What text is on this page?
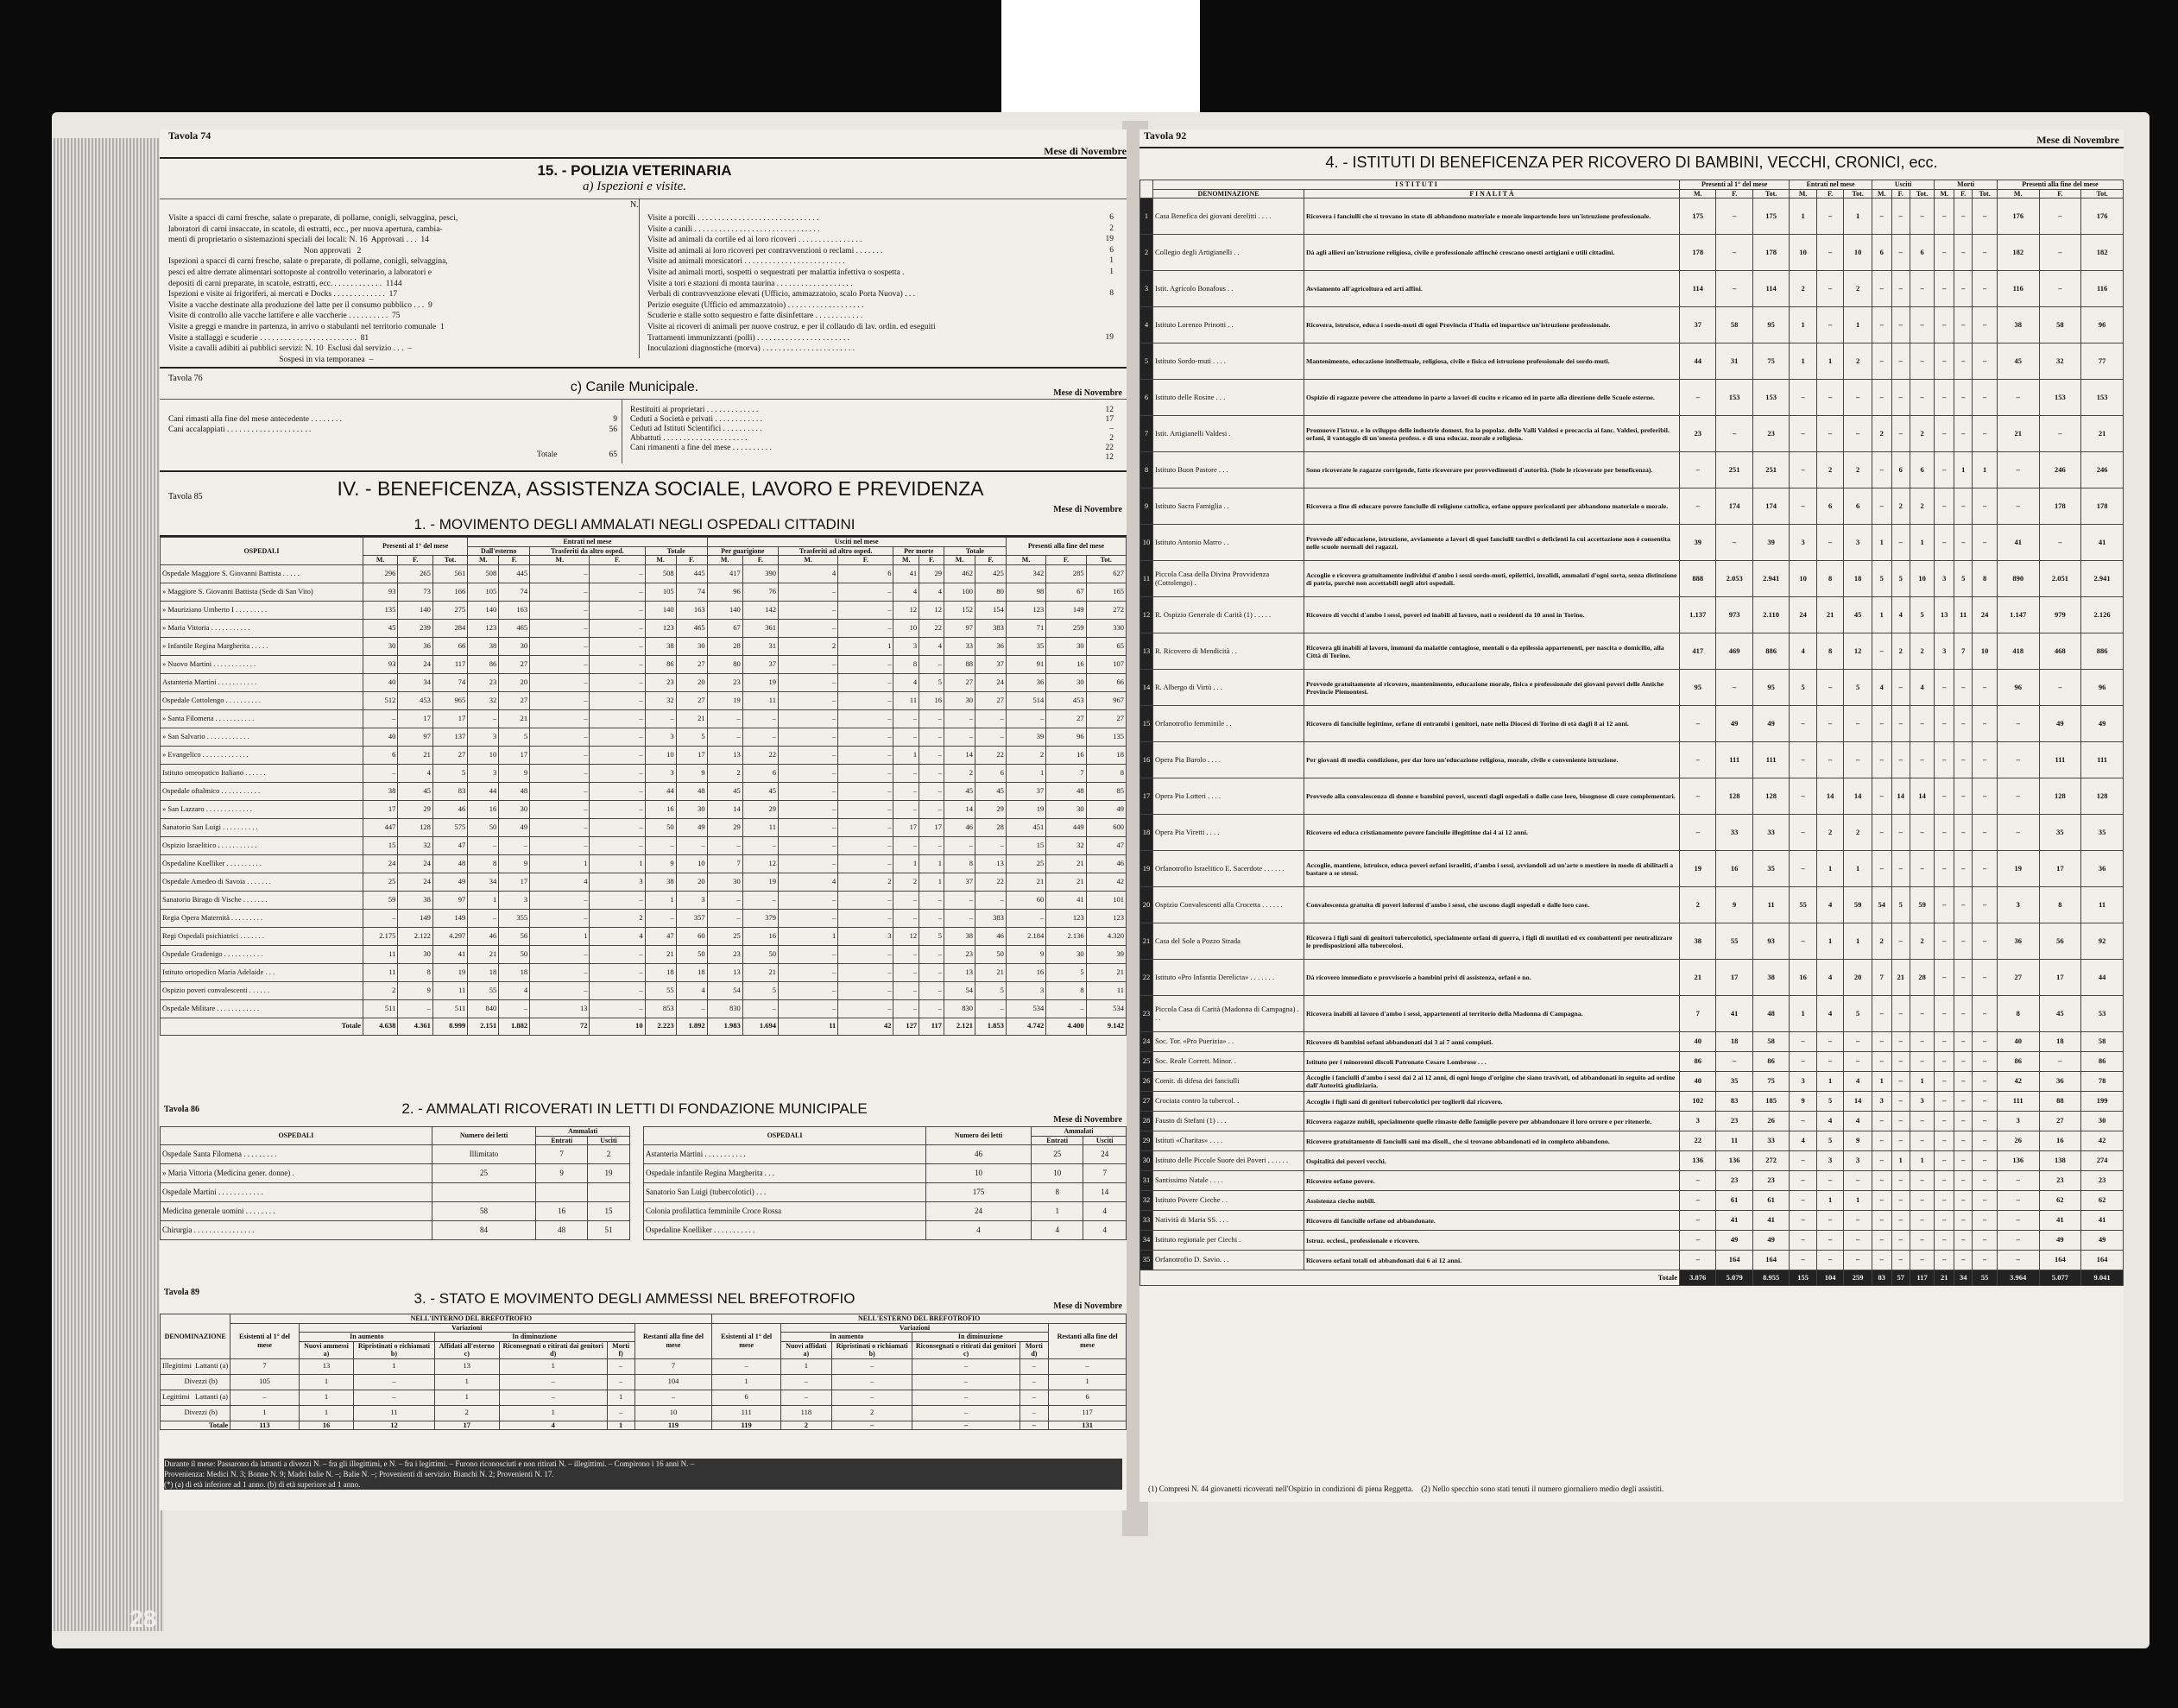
Tavola 74
Mese di Novembre
15. - POLIZIA VETERINARIA
a) Ispezioni e visite.
N.
Visite a spacci di carni fresche, salate o preparate, di pollame, conigli, selvaggina, pesci,
laboratori di carni insaccate, in scatole, di estratti, ecc., per nuova apertura, cambia-
menti di proprietario o sistemazioni speciali dei locali: N. 16  Approvati . . .  14
Non approvati   2
Ispezioni a spacci di carni fresche, salate o preparate, di pollame, conigli, selvaggina,
pesci ed altre derrate alimentari sottoposte al controllo veterinario, a laboratori e
depositi di carni preparate, in scatole, estratti, ecc. . . . . . . . . . . . .  1144
Ispezioni e visite ai frigoriferi, ai mercati e Docks . . . . . . . . . . . . .  17
Visite a vacche destinate alla produzione del latte per il consumo pubblico . . .  9
Visite di controllo alle vacche lattifere e alle vaccherie . . . . . . . . . .  75
Visite a greggi e mandre in partenza, in arrivo o stabulanti nel territorio comunale  1
Visite a stallaggi e scuderie . . . . . . . . . . . . . . . . . . . . . . . .  81
Visite a cavalli adibiti ai pubblici servizi: N. 10  Esclusi dal servizio . . .  –
Sospesi in via temporanea  –
Visite a porcili . . . . . . . . . . . . . . . . . . . . . . . . . . . . . .	6
Visite a canili . . . . . . . . . . . . . . . . . . . . . . . . . . . . . . .	2
Visite ad animali da cortile ed ai loro ricoveri . . . . . . . . . . . . . . . .	19
Visite ad animali ai loro ricoveri per contravvenzioni o reclami . . . . . . .	6
Visite ad animali morsicatori . . . . . . . . . . . . . . . . . . . . . . . . .	1
Visite ad animali morti, sospetti o sequestrati per malattia infettiva o sospetta .	1
Visite a tori e stazioni di monta taurina . . . . . . . . . . . . . . . . . . .
Verbali di contravvenzione elevati (Ufficio, ammazzatoio, scalo Porta Nuova) . . .	8
Perizie eseguite (Ufficio ed ammazzatoio) . . . . . . . . . . . . . . . . . . .
Scuderie e stalle sotto sequestro e fatte disinfettare . . . . . . . . . . . .
Visite ai ricoveri di animali per nuove costruz. e per il collaudo di lav. ordin. ed eseguiti
Trattamenti immunizzanti (polli) . . . . . . . . . . . . . . . . . . . . . . .	19
Inoculazioni diagnostiche (morva) . . . . . . . . . . . . . . . . . . . . . . .
Tavola 76
c) Canile Municipale.	Mese di Novembre
Cani rimasti alla fine del mese antecedente . . . . . . . .	9
Cani accalappiati . . . . . . . . . . . . . . . . . . . . .	56
Totale	65
Restituiti ai proprietari . . . . . . . . . . . . .	12
Ceduti a Società e privati . . . . . . . . . . . .	17
Ceduti ad Istituti Scientifici . . . . . . . . . .	–
Abbattuti . . . . . . . . . . . . . . . . . . . . .	2
Cani rimanenti a fine del mese . . . . . . . . . .	22
12
Tavola 85	IV. - BENEFICENZA, ASSISTENZA SOCIALE, LAVORO E PREVIDENZA
Mese di Novembre
1. - MOVIMENTO DEGLI AMMALATI NEGLI OSPEDALI CITTADINI
OSPEDALI	Presenti al 1° del mese			Entrati nel mese						Usciti nel mese								Presenti alla fine del mese		
				Dall'esterno		Trasferiti da altro osped.		Totale		Per guarigione		Trasferiti ad altro osped.		Per morte		Totale				
	M.	F.	Tot.	M.	F.	M.	F.	M.	F.	M.	F.	M.	F.	M.	F.	M.	F.	M.	F.	Tot.
Ospedale Maggiore S. Giovanni Battista . . . . .	296	265	561	508	445	–	–	508	445	417	390	4	6	41	29	462	425	342	285	627
» Maggiore S. Giovanni Battista (Sede di San Vito)	93	73	166	105	74	–	–	105	74	96	76	–	–	4	4	100	80	98	67	165
» Mauriziano Umberto I . . . . . . . . .	135	140	275	140	163	–	–	140	163	140	142	–	–	12	12	152	154	123	149	272
» Maria Vittoria . . . . . . . . . . .	45	239	284	123	465	–	–	123	465	67	361	–	–	10	22	97	383	71	259	330
» Infantile Regina Margherita . . . . .	30	36	66	38	30	–	–	38	30	28	31	2	1	3	4	33	36	35	30	65
» Nuovo Martini . . . . . . . . . . . .	93	24	117	86	27	–	–	86	27	80	37	–	–	8	–	88	37	91	16	107
Astanteria Martini . . . . . . . . . . .	40	34	74	23	20	–	–	23	20	23	19	–	–	4	5	27	24	36	30	66
Ospedale Cottolengo . . . . . . . . . .	512	453	965	32	27	–	–	32	27	19	11	–	–	11	16	30	27	514	453	967
» Santa Filomena . . . . . . . . . . .	–	17	17	–	21	–	–	–	21	–	–	–	–	–	–	–	–	–	27	27
» San Salvario . . . . . . . . . . . .	40	97	137	3	5	–	–	3	5	–	–	–	–	–	–	–	–	39	96	135
» Evangelico . . . . . . . . . . . . .	6	21	27	10	17	–	–	10	17	13	22	–	–	1	–	14	22	2	16	18
Istituto omeopatico Italiano . . . . . .	–	4	5	3	9	–	–	3	9	2	6	–	–	–	–	2	6	1	7	8
Ospedale oftalmico . . . . . . . . . . .	38	45	83	44	48	–	–	44	48	45	45	–	–	–	–	45	45	37	48	85
» San Lazzaro . . . . . . . . . . . . .	17	29	46	16	30	–	–	16	30	14	29	–	–	–	–	14	29	19	30	49
Sanatorio San Luigi . . . . . . . . . .	447	128	575	50	49	–	–	50	49	29	11	–	–	17	17	46	28	451	449	600
Ospizio Israelitico . . . . . . . . . . .	15	32	47	–	–	–	–	–	–	–	–	–	–	–	–	–	–	15	32	47
Ospedaline Koelliker . . . . . . . . . .	24	24	48	8	9	1	1	9	10	7	12	–	–	1	1	8	13	25	21	46
Ospedale Amedeo di Savoia . . . . . . .	25	24	49	34	17	4	3	38	20	30	19	4	2	2	1	37	22	21	21	42
Sanatorio Birago di Vische . . . . . . .	59	38	97	1	3	–	–	1	3	–	–	–	–	–	–	–	–	60	41	101
Regia Opera Maternità . . . . . . . . .	–	149	149	–	355	–	2	–	357	–	379	–	–	–	–	–	383	–	123	123
Regi Ospedali psichiatrici . . . . . . .	2.175	2.122	4.297	46	56	1	4	47	60	25	16	1	3	12	5	38	46	2.184	2.136	4.320
Ospedale Gradenigo . . . . . . . . . . .	11	30	41	21	50	–	–	21	50	23	50	–	–	–	–	23	50	9	30	39
Istituto ortopedico Maria Adelaide . . .	11	8	19	18	18	–	–	18	18	13	21	–	–	–	–	13	21	16	5	21
Ospizio poveri convalescenti . . . . . .	2	9	11	55	4	–	–	55	4	54	5	–	–	–	–	54	5	3	8	11
Ospedale Militare . . . . . . . . . . . .	511	–	511	840	–	13	–	853	–	830	–	–	–	–	–	830	–	534	–	534
Totale	4.638	4.361	8.999	2.151	1.882	72	10	2.223	1.892	1.983	1.694	11	42	127	117	2.121	1.853	4.742	4.400	9.142
Tavola 86	2. - AMMALATI RICOVERATI IN LETTI DI FONDAZIONE MUNICIPALE
Mese di Novembre
OSPEDALI	Numero dei letti	Ammalati	
		Entrati	Usciti
Ospedale Santa Filomena . . . . . . . . .	Illimitato	7	2
» Maria Vittoria (Medicina gener. donne) .	25	9	19
Ospedale Martini . . . . . . . . . . . .			
Medicina generale uomini . . . . . . . .	58	16	15
Chirurgia . . . . . . . . . . . . . . . .	84	48	51
OSPEDALI	Numero dei letti	Ammalati	
		Entrati	Usciti
Astanteria Martini . . . . . . . . . . .	46	25	24
Ospedale infantile Regina Margherita . . .	10	10	7
Sanatorio San Luigi (tubercolotici) . . .	175	8	14
Colonia profilattica femminile Croce Rossa	24	1	4
Ospedaline Koelliker . . . . . . . . . . .	4	4	4
Tavola 89	3. - STATO E MOVIMENTO DEGLI AMMESSI NEL BREFOTROFIO	Mese di Novembre
DENOMINAZIONE	NELL'INTERNO DEL BREFOTROFIO							NELL'ESTERNO DEL BREFOTROFIO					
	Esistenti al 1° del mese	Variazioni					Restanti alla fine del mese	Esistenti al 1° del mese	Variazioni				Restanti alla fine del mese
		In aumento		In diminuzione					In aumento		In diminuzione		
		Nuovi ammessi a)	Ripristinati o richiamati b)	Affidati all'esterno c)	Riconsegnati o ritirati dai genitori d)	Morti f)			Nuovi affidati a)	Ripristinati o richiamati b)	Riconsegnati o ritirati dai genitori c)	Morti d)	
Illegittimi  Lattanti (a)	7	13	1	13	1	–	7	–	1	–	–	–	–
Divezzi (b)	105	1	–	1	–	–	104	1	–	–	–	–	1
Legittimi   Lattanti (a)	–	1	–	1	–	1	–	6	–	–	–	–	6
Divezzi (b)	1	1	11	2	1	–	10	111	118	2	–	–	117
Totale	113	16	12	17	4	1	119	119	2	–	–	–	131
Durante il mese: Passarono da lattanti a divezzi N. – fra gli illegittimi, e N. – fra i legittimi. – Furono riconosciuti e non ritirati N. – illegittimi. – Compirono i 16 anni N. –
Provenienza: Medici N. 3; Bonne N. 9; Madri balie N. –; Balie N. –; Provenienti di servizio: Bianchi N. 2; Provenienti N. 17.
(*) (a) di età inferiore ad 1 anno. (b) di età superiore ad 1 anno.
Tavola 92	Mese di Novembre
4. - ISTITUTI DI BENEFICENZA PER RICOVERO DI BAMBINI, VECCHI, CRONICI, ecc.
	I S T I T U T I		Presenti al 1° del mese			Entrati nel mese			Usciti			Morti			Presenti alla fine del mese		
	DENOMINAZIONE	F I N A L I T À															
			M.	F.	Tot.	M.	F.	Tot.	M.	F.	Tot.	M.	F.	Tot.	M.	F.	Tot.
1	Casa Benefica dei giovani derelitti . . . .	Ricovera i fanciulli che si trovano in stato di abbandono materiale e morale impartendo loro un'istruzione professionale.	175	–	175	1	–	1	–	–	–	–	–	–	176	–	176
2	Collegio degli Artigianelli . .	Dà agli allievi un'istruzione religiosa, civile e professionale affinchè crescano onesti artigiani e utili cittadini.	178	–	178	10	–	10	6	–	6	–	–	–	182	–	182
3	Istit. Agricolo Bonafous . .	Avviamento all'agricoltura ed arti affini.	114	–	114	2	–	2	–	–	–	–	–	–	116	–	116
4	Istituto Lorenzo Prinotti . .	Ricovera, istruisce, educa i sordo-muti di ogni Provincia d'Italia ed impartisce un'istruzione professionale.	37	58	95	1	–	1	–	–	–	–	–	–	38	58	96
5	Istituto Sordo-muti . . . .	Mantenimento, educazione intellettuale, religiosa, civile e fisica ed istruzione professionale dei sordo-muti.	44	31	75	1	1	2	–	–	–	–	–	–	45	32	77
6	Istituto delle Rosine . . .	Ospizio di ragazze povere che attendono in parte a lavori di cucito e ricamo ed in parte alla direzione delle Scuole esterne.	–	153	153	–	–	–	–	–	–	–	–	–	–	153	153
7	Istit. Artigianelli Valdesi .	Promuove l'istruz. e lo sviluppo delle industrie domest. fra la popolaz. delle Valli Valdesi e procaccia ai fanc. Valdesi, preferibil. orfani, il vantaggio di un'onesta profess. e di una educaz. morale e religiosa.	23	–	23	–	–	–	2	–	2	–	–	–	21	–	21
8	Istituto Buon Pastore . . .	Sono ricoverate le ragazze corrigende, fatte ricoverare per provvedimenti d'autorità. (Sole le ricoverate per beneficenza).	–	251	251	–	2	2	–	6	6	–	1	1	–	246	246
9	Istituto Sacra Famiglia . .	Ricovera a fine di educare povere fanciulle di religione cattolica, orfane oppure pericolanti per abbandono materiale o morale.	–	174	174	–	6	6	–	2	2	–	–	–	–	178	178
10	Istituto Antonio Marro . .	Provvede all'educazione, istruzione, avviamento a lavori di quei fanciulli tardivi o deficienti la cui accettazione non è consentita nelle scuole normali dei ragazzi.	39	–	39	3	–	3	1	–	1	–	–	–	41	–	41
11	Piccola Casa della Divina Provvidenza (Cottolengo) .	Accoglie e ricovera gratuitamente individui d'ambo i sessi sordo-muti, epilettici, invalidi, ammalati d'ogni sorta, senza distinzione di patria, purchè non accettabili negli altri ospedali.	888	2.053	2.941	10	8	18	5	5	10	3	5	8	890	2.051	2.941
12	R. Ospizio Generale di Carità (1) . . . . .	Ricovero di vecchi d'ambo i sessi, poveri ed inabili al lavoro, nati o residenti da 10 anni in Torino.	1.137	973	2.110	24	21	45	1	4	5	13	11	24	1.147	979	2.126
13	R. Ricovero di Mendicità . .	Ricovera gli inabili al lavoro, immuni da malattie contagiose, mentali o da epilessia appartenenti, per nascita o domicilio, alla Città di Torino.	417	469	886	4	8	12	–	2	2	3	7	10	418	468	886
14	R. Albergo di Virtù . . .	Provvede gratuitamente al ricovero, mantenimento, educazione morale, fisica e professionale dei giovani poveri delle Antiche Provincie Piemontesi.	95	–	95	5	–	5	4	–	4	–	–	–	96	–	96
15	Orfanotrofio femminile . .	Ricovero di fanciulle legittime, orfane di entrambi i genitori, nate nella Diocesi di Torino di età dagli 8 ai 12 anni.	–	49	49	–	–	–	–	–	–	–	–	–	–	49	49
16	Opera Pia Barolo . . . .	Per giovani di media condizione, per dar loro un'educazione religiosa, morale, civile e conveniente istruzione.	–	111	111	–	–	–	–	–	–	–	–	–	–	111	111
17	Opera Pia Lotteri . . . .	Provvede alla convalescenza di donne e bambini poveri, uscenti dagli ospedali o dalle case loro, bisognose di cure complementari.	–	128	128	–	14	14	–	14	14	–	–	–	–	128	128
18	Opera Pia Viretti . . . .	Ricovero ed educa cristianamente povere fanciulle illegittime dai 4 ai 12 anni.	–	33	33	–	2	2	–	–	–	–	–	–	–	35	35
19	Orfanotrofio Israelitico E. Sacerdote . . . . . .	Accoglie, mantiene, istruisce, educa poveri orfani israeliti, d'ambo i sessi, avviandoli ad un'arte o mestiere in modo di abilitarli a bastare a se stessi.	19	16	35	–	1	1	–	–	–	–	–	–	19	17	36
20	Ospizio Convalescenti alla Crocetta . . . . . .	Convalescenza gratuita di poveri infermi d'ambo i sessi, che uscono dagli ospedali e dalle loro case.	2	9	11	55	4	59	54	5	59	–	–	–	3	8	11
21	Casa del Sole a Pozzo Strada	Ricovera i figli sani di genitori tubercolotici, specialmente orfani di guerra, i figli di mutilati ed ex combattenti per neutralizzare le predisposizioni alla tubercolosi.	38	55	93	–	1	1	2	–	2	–	–	–	36	56	92
22	Istituto «Pro Infantia Derelicta» . . . . . . .	Dà ricovero immediato e provvisorio a bambini privi di assistenza, orfani e no.	21	17	38	16	4	20	7	21	28	–	–	–	27	17	44
23	Piccola Casa di Carità (Madonna di Campagna) . . .	Ricovera inabili al lavoro d'ambo i sessi, appartenenti al territorio della Madonna di Campagna.	7	41	48	1	4	5	–	–	–	–	–	–	8	45	53
24	Soc. Tor. «Pro Puerizia» . .	Ricovero di bambini orfani abbandonati dai 3 ai 7 anni compiuti.	40	18	58	–	–	–	–	–	–	–	–	–	40	18	58
25	Soc. Reale Corrett. Minor. .	Istituto per i minorenni discoli Patronato Cesare Lombroso . . .	86	–	86	–	–	–	–	–	–	–	–	–	86	–	86
26	Comit. di difesa dei fanciulli	Accoglie i fanciulli d'ambo i sessi dai 2 ai 12 anni, di ogni luogo d'origine che siano travivati, od abbandonati in seguito ad ordine dall'Autorità giudiziaria.	40	35	75	3	1	4	1	–	1	–	–	–	42	36	78
27	Crociata contro la tubercol. .	Accoglie i figli sani di genitori tubercolotici per toglierli dal ricovero.	102	83	185	9	5	14	3	–	3	–	–	–	111	88	199
28	Fausto di Stefani (1) . . .	Ricovera ragazze nubili, specialmente quelle rimaste delle famiglie povere per abbandonare il loro orrore e per ritenerle.	3	23	26	–	4	4	–	–	–	–	–	–	3	27	30
29	Istituti «Charitas» . . . .	Ricovero gratuitamente di fanciulli sani ma disoll., che si trovano abbandonati ed in completo abbandono.	22	11	33	4	5	9	–	–	–	–	–	–	26	16	42
30	Istituto delle Piccole Suore dei Poveri . . . . . .	Ospitalità dei poveri vecchi.	136	136	272	–	3	3	–	1	1	–	–	–	136	138	274
31	Santissimo Natale . . . .	Ricovero orfane povere.	–	23	23	–	–	–	–	–	–	–	–	–	–	23	23
32	Istituto Povere Cieche . .	Assistenza cieche nubili.	–	61	61	–	1	1	–	–	–	–	–	–	–	62	62
33	Natività di Maria SS. . . .	Ricovero di fanciulle orfane od abbandonate.	–	41	41	–	–	–	–	–	–	–	–	–	–	41	41
34	Istituto regionale per Ciechi .	Istruz. ecclesi., professionale e ricovero.	–	49	49	–	–	–	–	–	–	–	–	–	–	49	49
35	Orfanotrofio D. Savio. . .	Ricovero orfani totali od abbandonati dai 6 ai 12 anni.	–	164	164	–	–	–	–	–	–	–	–	–	–	164	164
Totale			3.876	5.079	8.955	155	104	259	83	57	117	21	34	55	3.964	5.077	9.041
(1) Compresi N. 44 giovanetti ricoverati nell'Ospizio in condizioni di piena Reggetta.    (2) Nello specchio sono stati tenuti il numero giornaliero medio degli assistiti.
28
